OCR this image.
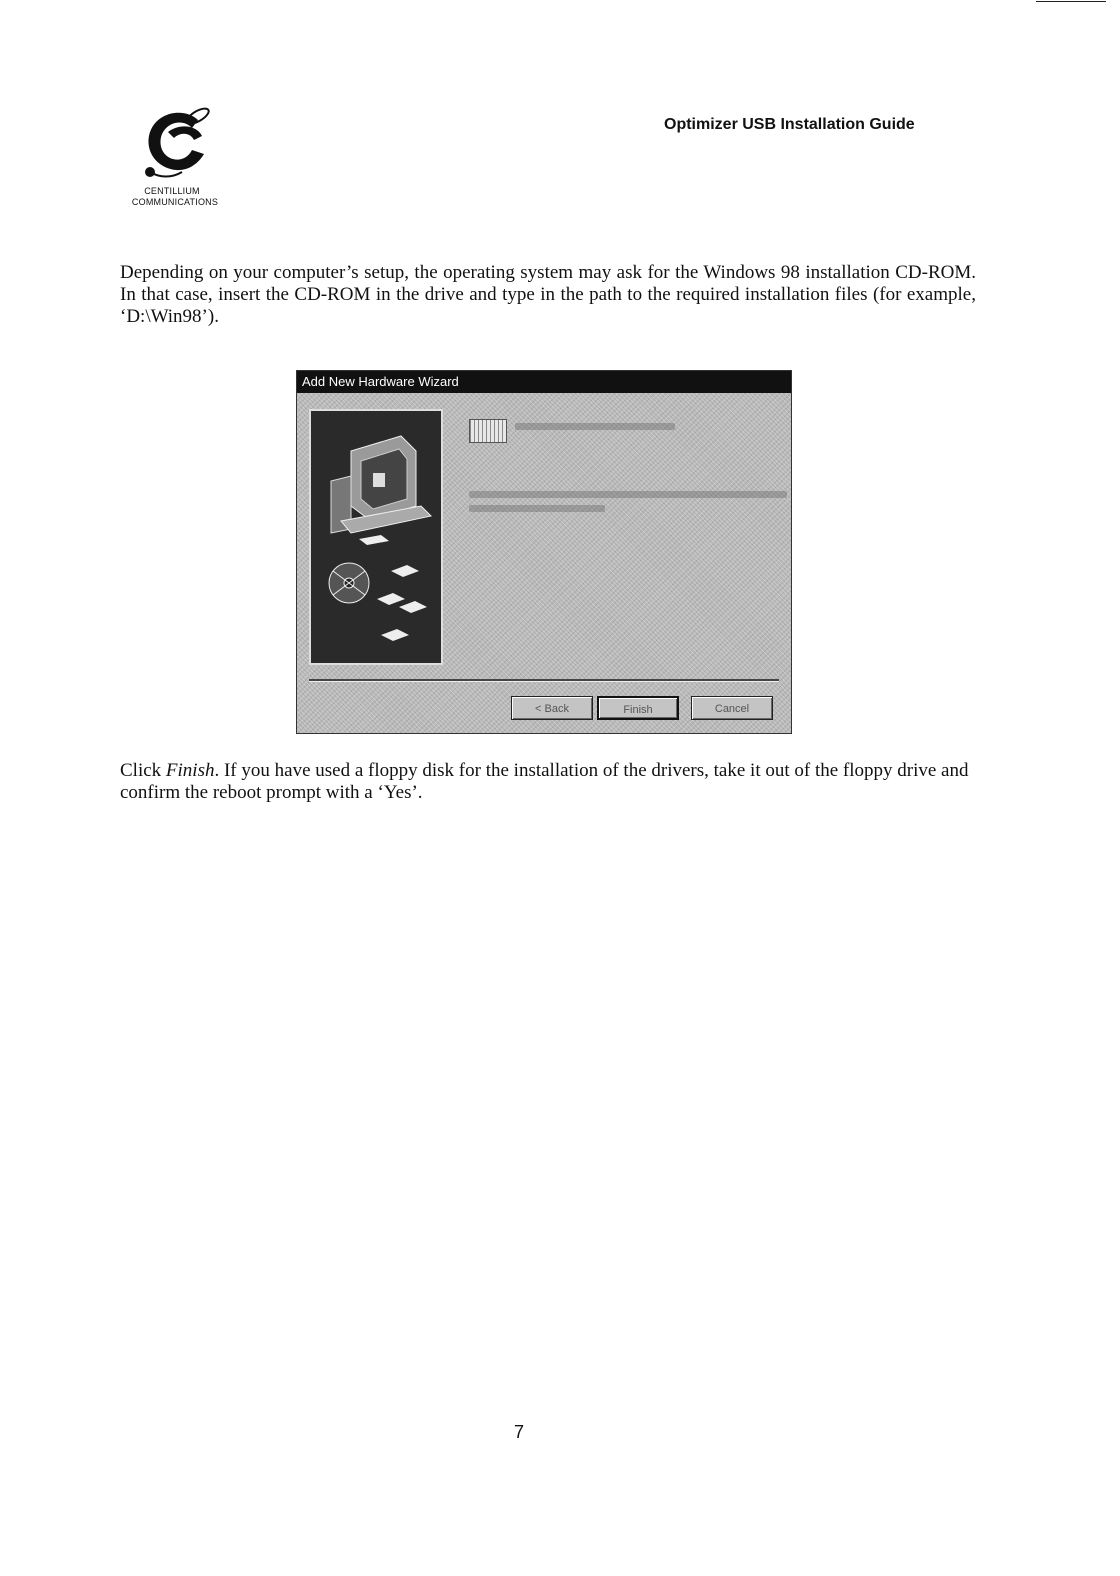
CENTILLIUM
COMMUNICATIONS
Optimizer USB Installation Guide
Depending on your computer’s setup, the operating system may ask for the Windows 98 installation CD-ROM. In that case, insert the CD-ROM in the drive and type in the path to the required installation files (for example, ‘D:\Win98’).
Add New Hardware Wizard
< Back	Finish	Cancel
Click Finish. If you have used a floppy disk for the installation of the drivers, take it out of the floppy drive and confirm the reboot prompt with a ‘Yes’.
7
